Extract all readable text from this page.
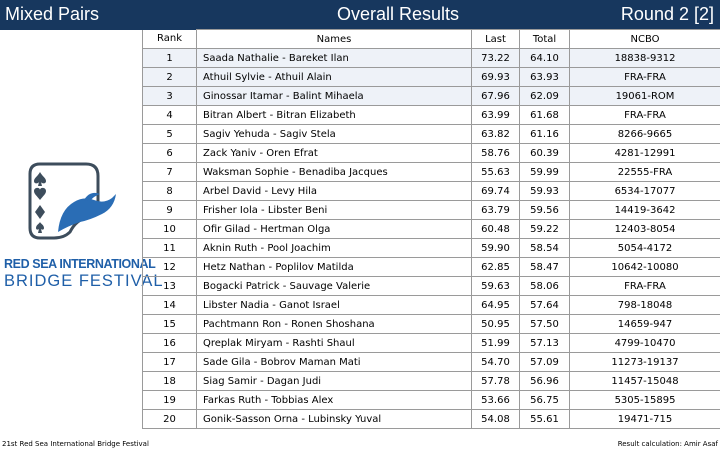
Mixed Pairs	Overall Results	Round 2 [2]
RED SEA INTERNATIONAL
BRIDGE FESTIVAL
Rank	Names	Last	Total	NCBO
1	Saada Nathalie - Bareket Ilan	73.22	64.10	18838-9312
2	Athuil Sylvie - Athuil Alain	69.93	63.93	FRA-FRA
3	Ginossar Itamar - Balint Mihaela	67.96	62.09	19061-ROM
4	Bitran Albert - Bitran Elizabeth	63.99	61.68	FRA-FRA
5	Sagiv Yehuda - Sagiv Stela	63.82	61.16	8266-9665
6	Zack Yaniv - Oren Efrat	58.76	60.39	4281-12991
7	Waksman Sophie - Benadiba Jacques	55.63	59.99	22555-FRA
8	Arbel David - Levy Hila	69.74	59.93	6534-17077
9	Frisher Iola - Libster Beni	63.79	59.56	14419-3642
10	Ofir Gilad - Hertman Olga	60.48	59.22	12403-8054
11	Aknin Ruth - Pool Joachim	59.90	58.54	5054-4172
12	Hetz Nathan - Poplilov Matilda	62.85	58.47	10642-10080
13	Bogacki Patrick - Sauvage Valerie	59.63	58.06	FRA-FRA
14	Libster Nadia - Ganot Israel	64.95	57.64	798-18048
15	Pachtmann Ron - Ronen Shoshana	50.95	57.50	14659-947
16	Qreplak Miryam - Rashti Shaul	51.99	57.13	4799-10470
17	Sade Gila - Bobrov Maman Mati	54.70	57.09	11273-19137
18	Siag Samir - Dagan Judi	57.78	56.96	11457-15048
19	Farkas Ruth - Tobbias Alex	53.66	56.75	5305-15895
20	Gonik-Sasson Orna - Lubinsky Yuval	54.08	55.61	19471-715
21st Red Sea International Bridge Festival	Result calculation: Amir Asaf
